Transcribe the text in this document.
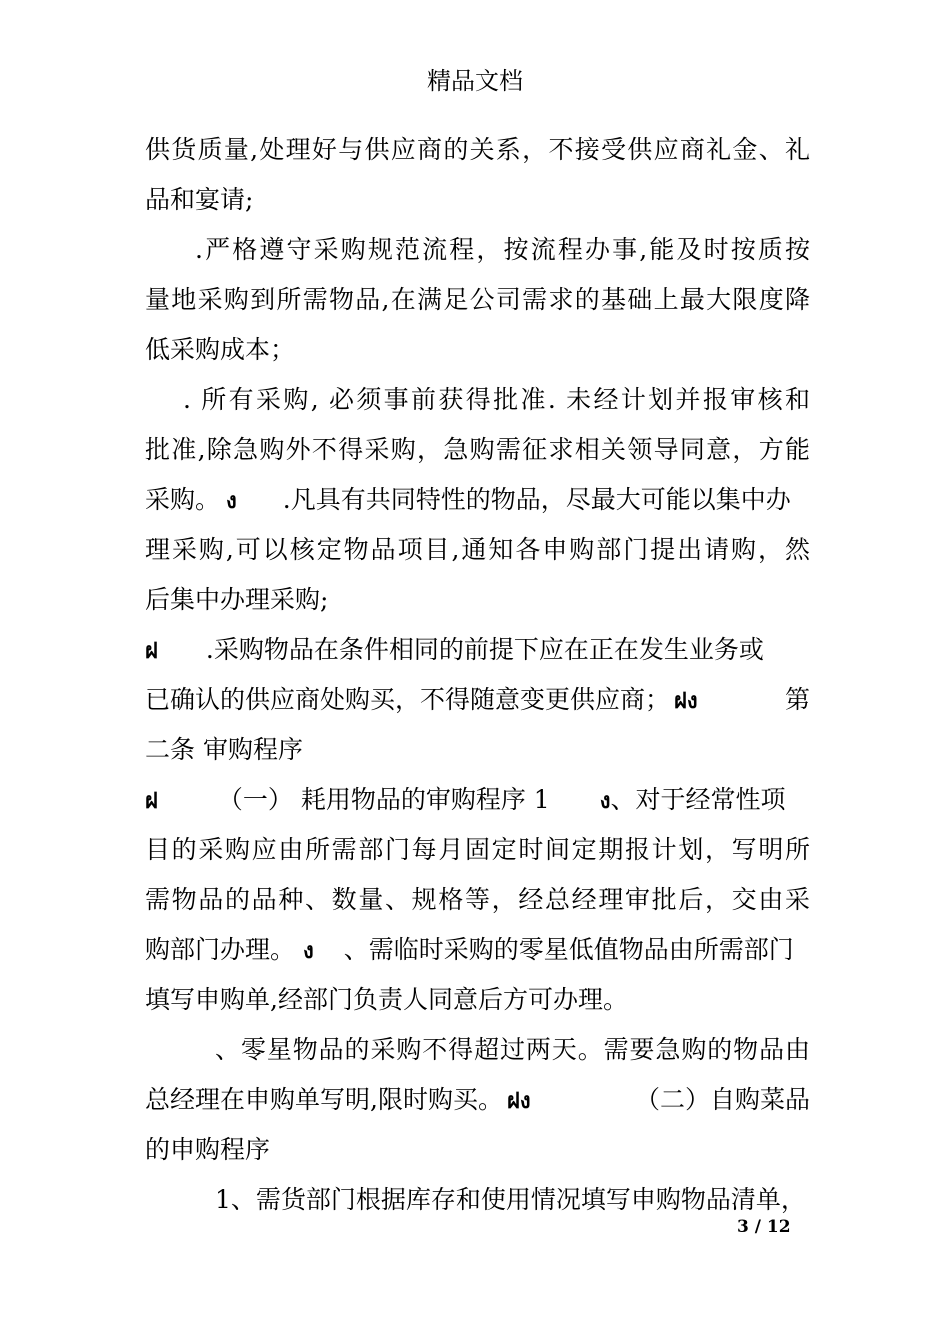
精品文档
供货质量,处理好与供应商的关系，不接受供应商礼金、礼
品和宴请;
.严格遵守采购规范流程，按流程办事,能及时按质按
量地采购到所需物品,在满足公司需求的基础上最大限度降
低采购成本；
. 所有采购, 必须事前获得批准. 未经计划并报审核和
批准,除急购外不得采购，急购需征求相关领导同意，方能
采购。 ง .凡具有共同特性的物品，尽最大可能以集中办
理采购,可以核定物品项目,通知各申购部门提出请购，然
后集中办理采购;
ฝ .采购物品在条件相同的前提下应在正在发生业务或
已确认的供应商处购买，不得随意变更供应商； ฝง	第
二条 审购程序
ฝ （一） 耗用物品的审购程序 1 ง、对于经常性项
目的采购应由所需部门每月固定时间定期报计划，写明所
需物品的品种、数量、规格等，经总经理审批后，交由采
购部门办理。 ง 、需临时采购的零星低值物品由所需部门
填写申购单,经部门负责人同意后方可办理。
、零星物品的采购不得超过两天。需要急购的物品由
总经理在申购单写明,限时购买。 ฝง	（二）自购菜品
的申购程序
1、需货部门根据库存和使用情况填写申购物品清单，
3 / 12
